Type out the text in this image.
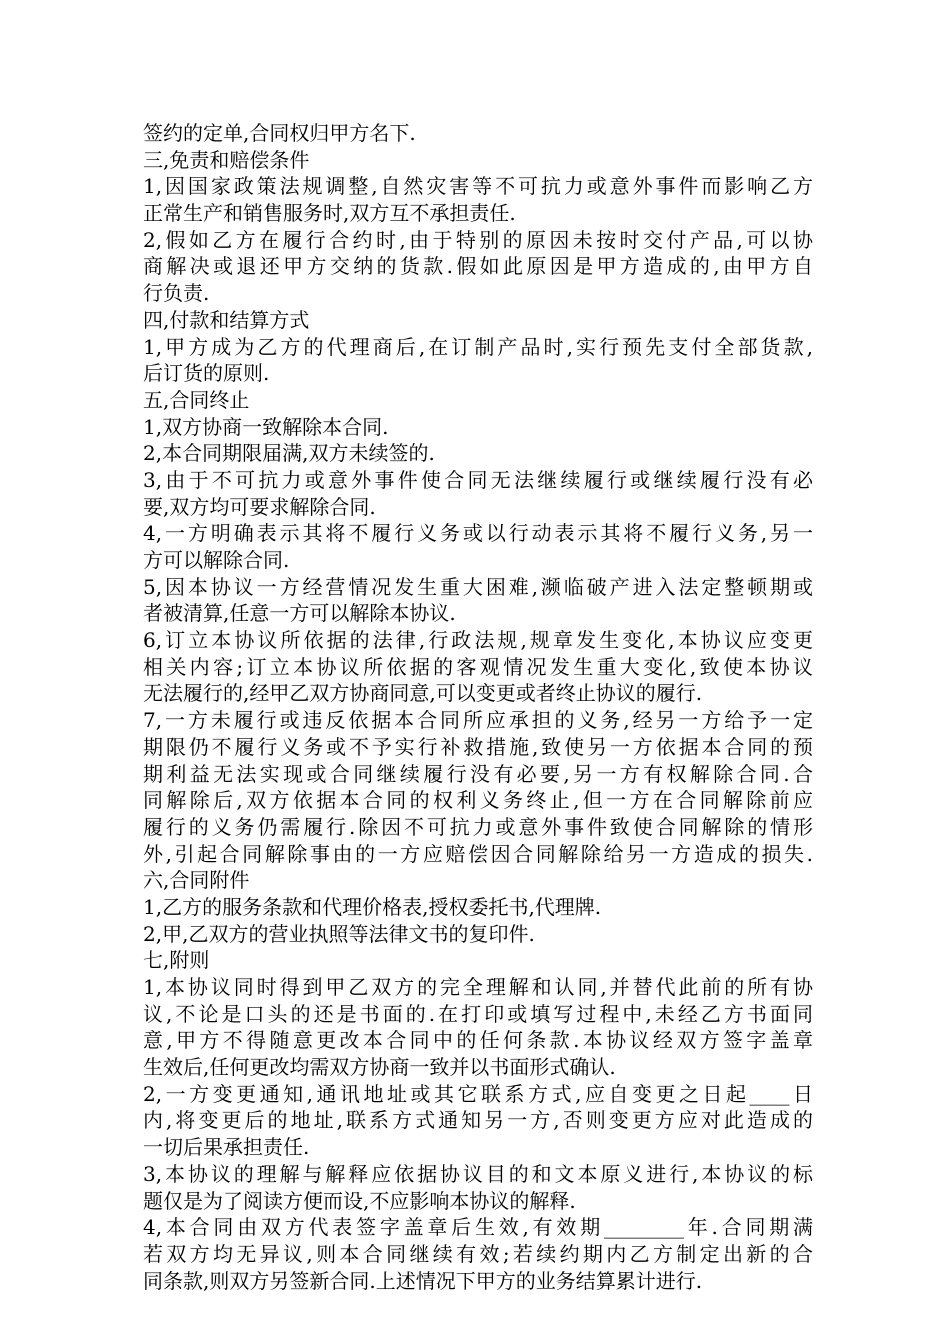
签约的定单,合同权归甲方名下.
三,免责和赔偿条件
1,因国家政策法规调整,自然灾害等不可抗力或意外事件而影响乙方
正常生产和销售服务时,双方互不承担责任.
2,假如乙方在履行合约时,由于特别的原因未按时交付产品,可以协
商解决或退还甲方交纳的货款.假如此原因是甲方造成的,由甲方自
行负责.
四,付款和结算方式
1,甲方成为乙方的代理商后,在订制产品时,实行预先支付全部货款,
后订货的原则.
五,合同终止
1,双方协商一致解除本合同.
2,本合同期限届满,双方未续签的.
3,由于不可抗力或意外事件使合同无法继续履行或继续履行没有必
要,双方均可要求解除合同.
4,一方明确表示其将不履行义务或以行动表示其将不履行义务,另一
方可以解除合同.
5,因本协议一方经营情况发生重大困难,濒临破产进入法定整顿期或
者被清算,任意一方可以解除本协议.
6,订立本协议所依据的法律,行政法规,规章发生变化,本协议应变更
相关内容;订立本协议所依据的客观情况发生重大变化,致使本协议
无法履行的,经甲乙双方协商同意,可以变更或者终止协议的履行.
7,一方未履行或违反依据本合同所应承担的义务,经另一方给予一定
期限仍不履行义务或不予实行补救措施,致使另一方依据本合同的预
期利益无法实现或合同继续履行没有必要,另一方有权解除合同.合
同解除后,双方依据本合同的权利义务终止,但一方在合同解除前应
履行的义务仍需履行.除因不可抗力或意外事件致使合同解除的情形
外,引起合同解除事由的一方应赔偿因合同解除给另一方造成的损失.
六,合同附件
1,乙方的服务条款和代理价格表,授权委托书,代理牌.
2,甲,乙双方的营业执照等法律文书的复印件.
七,附则
1,本协议同时得到甲乙双方的完全理解和认同,并替代此前的所有协
议,不论是口头的还是书面的.在打印或填写过程中,未经乙方书面同
意,甲方不得随意更改本合同中的任何条款.本协议经双方签字盖章
生效后,任何更改均需双方协商一致并以书面形式确认.
2,一方变更通知,通讯地址或其它联系方式,应自变更之日起____日
内,将变更后的地址,联系方式通知另一方,否则变更方应对此造成的
一切后果承担责任.
3,本协议的理解与解释应依据协议目的和文本原义进行,本协议的标
题仅是为了阅读方便而设,不应影响本协议的解释.
4,本合同由双方代表签字盖章后生效,有效期________年.合同期满
若双方均无异议,则本合同继续有效;若续约期内乙方制定出新的合
同条款,则双方另签新合同.上述情况下甲方的业务结算累计进行.
